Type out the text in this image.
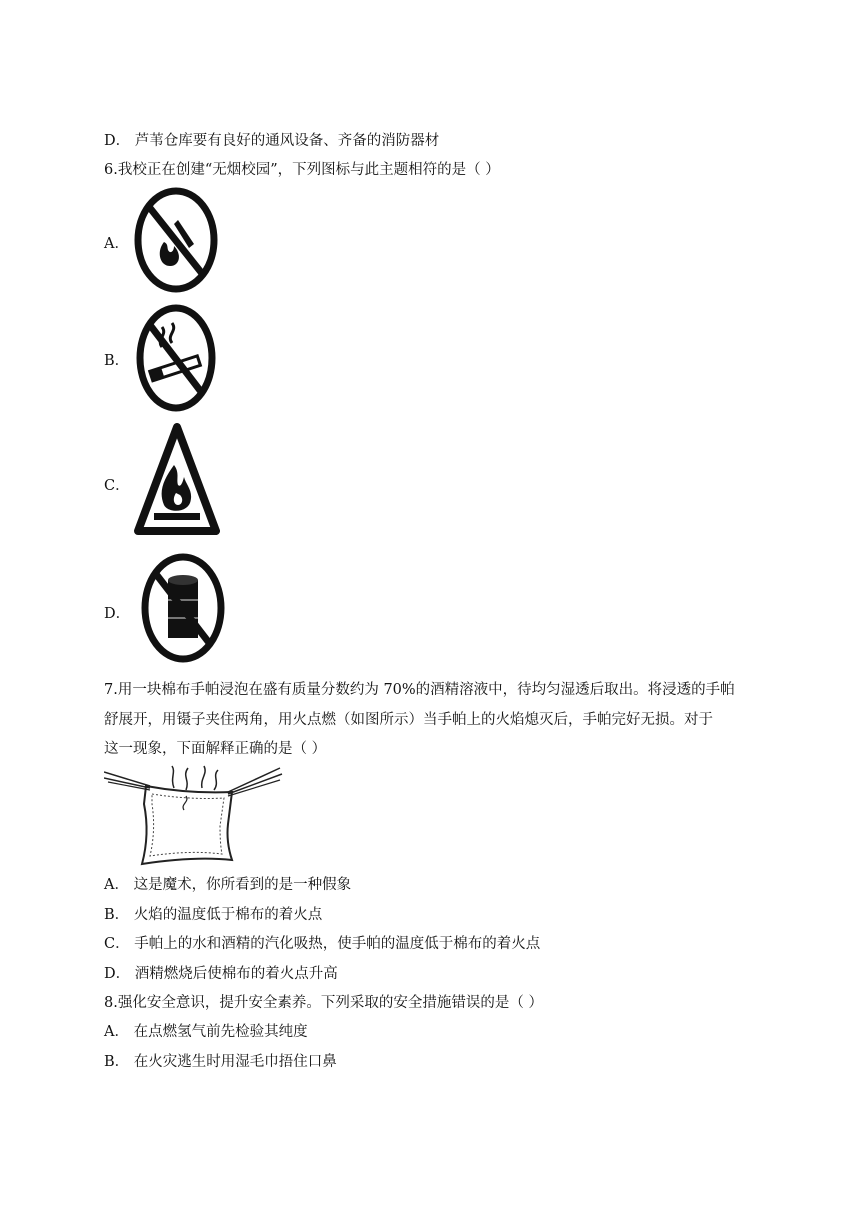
D． 芦苇仓库要有良好的通风设备、齐备的消防器材
6.我校正在创建“无烟校园”，下列图标与此主题相符的是（ ）
A．
B．
C．
D．
7.用一块棉布手帕浸泡在盛有质量分数约为 70%的酒精溶液中，待均匀湿透后取出。将浸透的手帕
舒展开，用镊子夹住两角，用火点燃（如图所示）当手帕上的火焰熄灭后，手帕完好无损。对于
这一现象，下面解释正确的是（ ）
A． 这是魔术，你所看到的是一种假象
B． 火焰的温度低于棉布的着火点
C． 手帕上的水和酒精的汽化吸热，使手帕的温度低于棉布的着火点
D． 酒精燃烧后使棉布的着火点升高
8.强化安全意识，提升安全素养。下列采取的安全措施错误的是（ ）
A． 在点燃氢气前先检验其纯度
B． 在火灾逃生时用湿毛巾捂住口鼻
